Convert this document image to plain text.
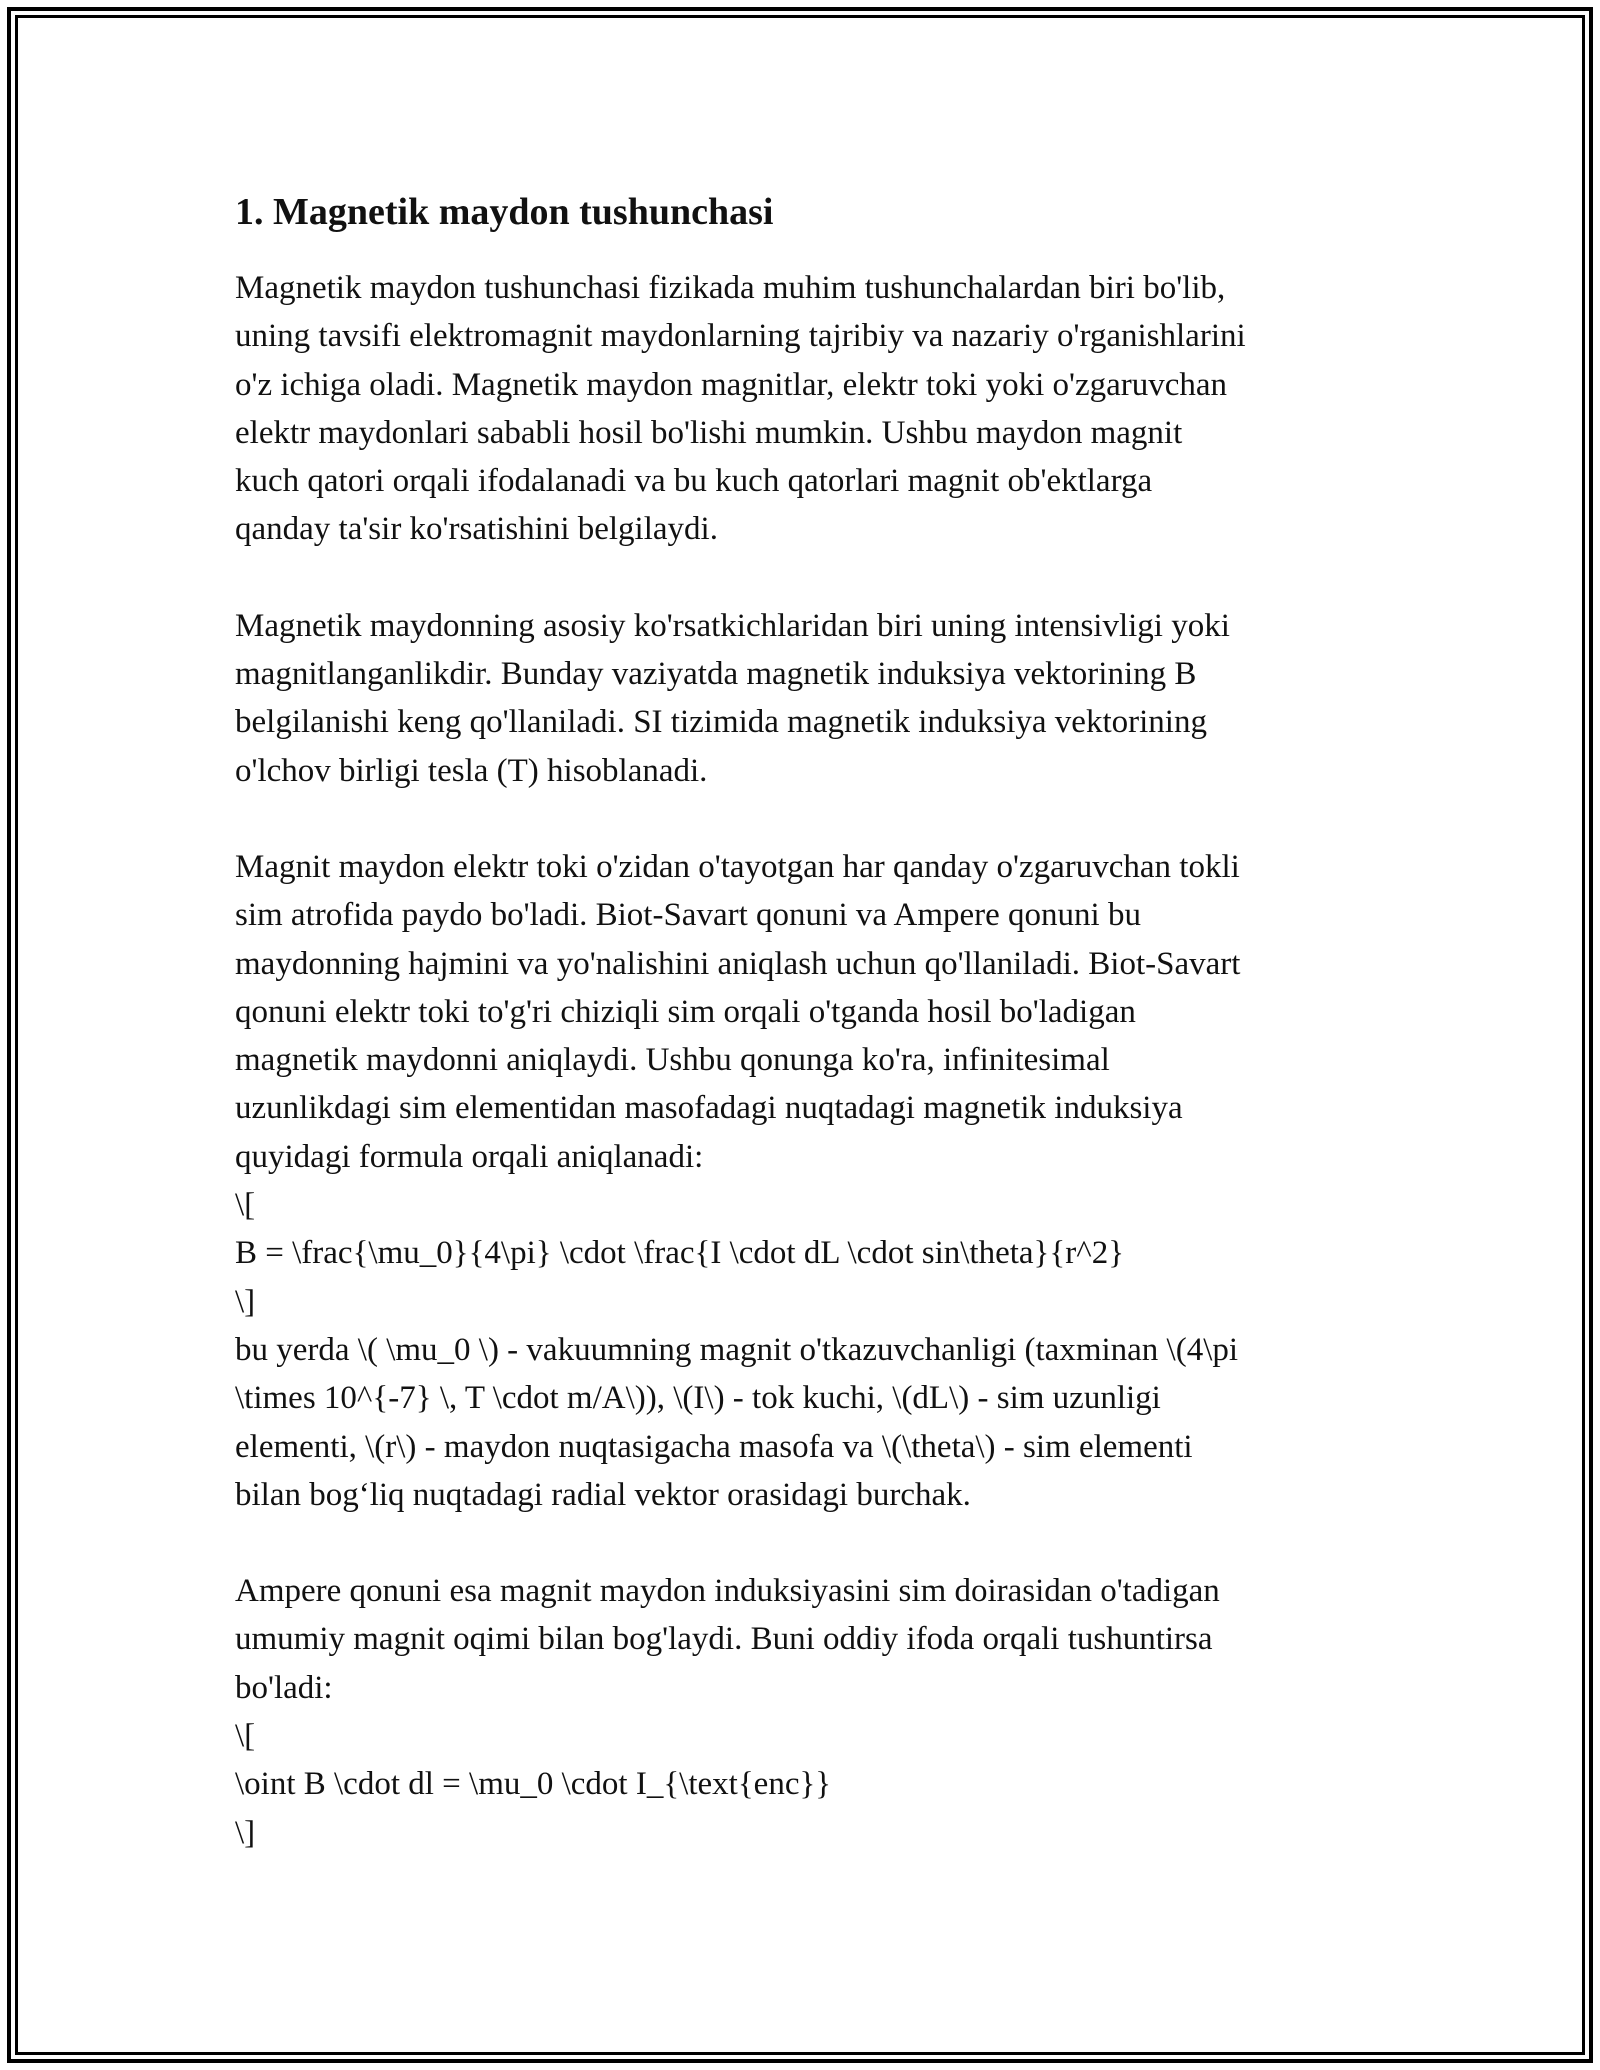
1. Magnetik maydon tushunchasi

Magnetik maydon tushunchasi fizikada muhim tushunchalardan biri bo'lib,
uning tavsifi elektromagnit maydonlarning tajribiy va nazariy o'rganishlarini
o'z ichiga oladi. Magnetik maydon magnitlar, elektr toki yoki o'zgaruvchan
elektr maydonlari sababli hosil bo'lishi mumkin. Ushbu maydon magnit
kuch qatori orqali ifodalanadi va bu kuch qatorlari magnit ob'ektlarga
qanday ta'sir ko'rsatishini belgilaydi.

Magnetik maydonning asosiy ko'rsatkichlaridan biri uning intensivligi yoki
magnitlanganlikdir. Bunday vaziyatda magnetik induksiya vektorining B
belgilanishi keng qo'llaniladi. SI tizimida magnetik induksiya vektorining
o'lchov birligi tesla (T) hisoblanadi.

Magnit maydon elektr toki o'zidan o'tayotgan har qanday o'zgaruvchan tokli
sim atrofida paydo bo'ladi. Biot-Savart qonuni va Ampere qonuni bu
maydonning hajmini va yo'nalishini aniqlash uchun qo'llaniladi. Biot-Savart
qonuni elektr toki to'g'ri chiziqli sim orqali o'tganda hosil bo'ladigan
magnetik maydonni aniqlaydi. Ushbu qonunga ko'ra, infinitesimal
uzunlikdagi sim elementidan masofadagi nuqtadagi magnetik induksiya
quyidagi formula orqali aniqlanadi:
\[
B = \frac{\mu_0}{4\pi} \cdot \frac{I \cdot dL \cdot sin\theta}{r^2}
\]
bu yerda \( \mu_0 \) - vakuumning magnit o'tkazuvchanligi (taxminan \(4\pi
\times 10^{-7} \, T \cdot m/A\)), \(I\) - tok kuchi, \(dL\) - sim uzunligi
elementi, \(r\) - maydon nuqtasigacha masofa va \(\theta\) - sim elementi
bilan bog‘liq nuqtadagi radial vektor orasidagi burchak.

Ampere qonuni esa magnit maydon induksiyasini sim doirasidan o'tadigan
umumiy magnit oqimi bilan bog'laydi. Buni oddiy ifoda orqali tushuntirsa
bo'ladi:
\[
\oint B \cdot dl = \mu_0 \cdot I_{\text{enc}}
\]
